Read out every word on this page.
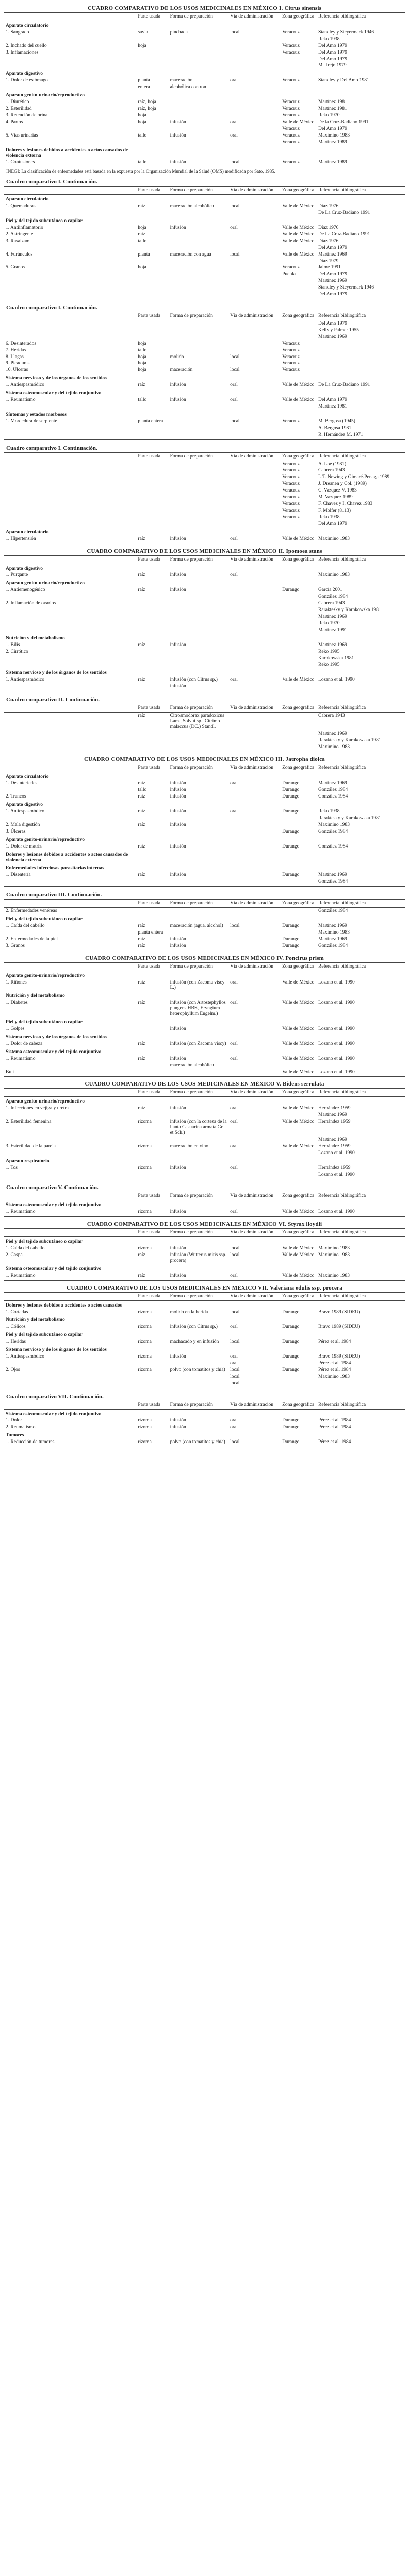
CUADRO COMPARATIVO DE LOS USOS MEDICINALES EN MÉXICO I. Citrus sinensis
	Parte usada	Forma de preparación	Vía de administración	Zona geográfica	Referencia bibliográfica
Aparato circulatorio					
1. Sangrado	savia	pinchada	local	Veracruz	Standley y Steyermark 1946
					Reko 1938
2. Inchado del cuello	hoja			Veracruz	Del Amo 1979
3. Inflamaciones				Veracruz	Del Amo 1979
					Del Amo 1979
					M. Trejo 1979
Aparato digestivo					
1. Dolor de estómago	planta	maceración	oral	Veracruz	Standley y Del Amo 1981
	entera	alcohólica con ron			
Aparato genito-urinario/reproductivo					
1. Diurético	raíz, hoja			Veracruz	Martínez 1981
2. Esterilidad	raíz, hoja			Veracruz	Martínez 1981
3. Retención de orina	hoja			Veracruz	Reko 1970
4. Partos	hoja	infusión	oral	Valle de México	De la Cruz-Badiano 1991
				Veracruz	Del Amo 1979
5. Vías urinarias	tallo	infusión	oral	Veracruz	Maximino 1983
				Veracruz	Martínez 1989
Dolores y lesiones debidos a accidentes o actos causados de violencia externa					
1. Contusiones	tallo	infusión	local	Veracruz	Martínez 1989
INEGI: La clasificación de enfermedades está basada en la expuesta por la Organización Mundial de la Salud (OMS) modificada por Sato, 1985.
Cuadro comparativo I. Continuación.
	Parte usada	Forma de preparación	Vía de administración	Zona geográfica	Referencia bibliográfica
Aparato circulatorio					
1. Quemaduras	raíz	maceración alcohólica	local	Valle de México	Díaz 1976
					De La Cruz-Badiano 1991
Piel y del tejido subcutáneo o capilar					
1. Antiinflamatorio	hoja	infusión	oral	Valle de México	Díaz 1976
2. Astringente	raíz			Valle de México	De La Cruz-Badiano 1991
3. Rasalzam	tallo			Valle de México	Díaz 1976
					Del Amo 1979
4. Furúnculos	planta	maceración con agua	local	Valle de México	Martínez 1969
					Díaz 1979
5. Granos	hoja			Veracruz	Jaime 1991
				Puebla	Del Amo 1979
					Martínez 1969
					Standley y Steyermark 1946
					Del Amo 1979
Cuadro comparativo I. Continuación.
	Parte usada	Forma de preparación	Vía de administración	Zona geográfica	Referencia bibliográfica
					Del Amo 1979
					Kelly y Palmer 1955
					Martínez 1969
6. Desinterados	hoja			Veracruz	
7. Heridas	tallo			Veracruz	
8. Llagas	hoja	molido	local	Veracruz	
9. Picaduras	hoja			Veracruz	
10. Úlceras	hoja	maceración	local	Veracruz	
Sistema nervioso y de los órganos de los sentidos					
1. Antiespasmódico	raíz	infusión	oral	Valle de México	De La Cruz-Badiano 1991
Sistema osteomuscular y del tejido conjuntivo					
1. Reumatismo	tallo	infusión	oral	Valle de México	Del Amo 1979
					Martínez 1981
Síntomas y estados morbosos					
1. Mordedura de serpiente	planta entera		local	Veracruz	M. Bergosa (1945)
					A. Bergosa 1981
					R. Hernández M. 1971
Cuadro comparativo I. Continuación.
	Parte usada	Forma de preparación	Vía de administración	Zona geográfica	Referencia bibliográfica
				Veracruz	A. Loe (1981)
				Veracruz	Cabrera 1943
				Veracruz	L.T. Newing y Gimaré-Penaga 1989
				Veracruz	J. Dreanen y Col. (1989)
				Veracruz	C. Vazquez V. 1983
				Veracruz	M. Vazquez 1989
				Veracruz	F. Chavez y I. Chavez 1983
				Veracruz	F. Molfer (8113)
				Veracruz	Reko 1938
					Del Amo 1979
Aparato circulatorio					
1. Hipertensión	raíz	infusión	oral	Valle de México	Maximino 1983
CUADRO COMPARATIVO DE LOS USOS MEDICINALES EN MÉXICO II. Ipomoea stans
	Parte usada	Forma de preparación	Vía de administración	Zona geográfica	Referencia bibliográfica
Aparato digestivo					
1. Purgante	raíz	infusión	oral		Maximino 1983
Aparato genito-urinario/reproductivo					
1. Antiemenogénico	raíz	infusión		Durango	García 2001
					González 1984
2. Inflamación de ovarios					Cabrera 1943
					Raraktesky y Karnkowska 1981
					Martínez 1969
					Reko 1970
					Martínez 1991
Nutrición y del metabolismo					
1. Bilis	raíz	infusión			Martínez 1969
2. Cirrótico					Reko 1995
					Karnkowska 1981
					Reko 1995
Sistema nervioso y de los órganos de los sentidos					
1. Antiespasmódico	raíz	infusión (con Citrus sp.)	oral	Valle de México	Lozano et al. 1990
		infusión			
Cuadro comparativo II. Continuación.
	Parte usada	Forma de preparación	Vía de administración	Zona geográfica	Referencia bibliográfica
	raíz	Citrosmodorax paradoxicus Lam., Solvui sp., Citrimo malaccus (DC.) Standl.			Cabrera 1943
					Martínez 1969
					Raraktesky y Karnkowska 1981
					Maximino 1983
CUADRO COMPARATIVO DE LOS USOS MEDICINALES EN MÉXICO III. Jatropha dioica
	Parte usada	Forma de preparación	Vía de administración	Zona geográfica	Referencia bibliográfica
Aparato circulatorio					
1. Desinteriedes	raíz	infusión	oral	Durango	Martínez 1969
	tallo	infusión		Durango	González 1984
2. Trancos	raíz	infusión		Durango	González 1984
Aparato digestivo					
1. Antiespasmódico	raíz	infusión	oral	Durango	Reko 1938
					Raraktesky y Karnkowska 1981
2. Mala digestión	raíz	infusión			Maximino 1983
3. Úlceras				Durango	González 1984
Aparato genito-urinario/reproductivo					
1. Dolor de matriz	raíz	infusión		Durango	González 1984
Dolores y lesiones debidos a accidentes o actos causados de violencia externa					
Enfermedades infecciosas parasitarias internas					
1. Disentería	raíz	infusión		Durango	Martínez 1969
					González 1984
Cuadro comparativo III. Continuación.
	Parte usada	Forma de preparación	Vía de administración	Zona geográfica	Referencia bibliográfica
2. Enfermedades venéreas					González 1984
Piel y del tejido subcutáneo o capilar					
1. Caída del cabello	raíz	maceración (agua, alcohol)	local	Durango	Martínez 1969
	planta entera				Maximino 1983
2. Enfermedades de la piel	raíz	infusión		Durango	Martínez 1969
3. Granos	raíz	infusión		Durango	González 1984
CUADRO COMPARATIVO DE LOS USOS MEDICINALES EN MÉXICO IV. Poncirus prism
	Parte usada	Forma de preparación	Vía de administración	Zona geográfica	Referencia bibliográfica
Aparato genito-urinario/reproductivo					
1. Riñones	raíz	infusión (con Zacoma viscy L.)	oral	Valle de México	Lozano et al. 1990
Nutrición y del metabolismo					
1. Diabetes	raíz	infusión (con Artostephyllos pungens HBK, Eryngium heterophyllum Engelm.)	oral	Valle de México	Lozano et al. 1990
Piel y del tejido subcutáneo o capilar					
1. Golpes		infusión		Valle de México	Lozano et al. 1990
Sistema nervioso y de los órganos de los sentidos					
1. Dolor de cabeza	raíz	infusión (con Zacoma viscy)	oral	Valle de México	Lozano et al. 1990
Sistema osteomuscular y del tejido conjuntivo					
1. Reumatismo	raíz	infusión	oral	Valle de México	Lozano et al. 1990
		maceración alcohólica			
Bult				Valle de México	Lozano et al. 1990
CUADRO COMPARATIVO DE LOS USOS MEDICINALES EN MÉXICO V. Bidens serrulata
	Parte usada	Forma de preparación	Vía de administración	Zona geográfica	Referencia bibliográfica
Aparato genito-urinario/reproductivo					
1. Infecciones en vejiga y uretra	raíz	infusión	oral	Valle de México	Hernández 1959
					Martínez 1969
2. Esterilidad femenina	rizoma	infusión (con la corteza de la llanta Casuarina armata Gr. et Sch.)	oral	Valle de México	Hernández 1959
					Martínez 1969
3. Esterilidad de la pareja	rizoma	maceración en vino	oral	Valle de México	Hernández 1959
					Lozano et al. 1990
Aparato respiratorio					
1. Tos	rizoma	infusión	oral		Hernández 1959
					Lozano et al. 1990
Cuadro comparativo V. Continuación.
	Parte usada	Forma de preparación	Vía de administración	Zona geográfica	Referencia bibliográfica
Sistema osteomuscular y del tejido conjuntivo					
1. Reumatismo	rizoma	infusión	oral	Valle de México	Lozano et al. 1990
CUADRO COMPARATIVO DE LOS USOS MEDICINALES EN MÉXICO VI. Styrax lloydii
	Parte usada	Forma de preparación	Vía de administración	Zona geográfica	Referencia bibliográfica
Piel y del tejido subcutáneo o capilar					
1. Caída del cabello	rizoma	infusión	local	Valle de México	Maximino 1983
2. Caspa	raíz	infusión (Wutterus mitis ssp. procera)	local	Valle de México	Maximino 1983
Sistema osteomuscular y del tejido conjuntivo					
1. Reumatismo	raíz	infusión	oral	Valle de México	Maximino 1983
CUADRO COMPARATIVO DE LOS USOS MEDICINALES EN MÉXICO VII. Valeriana edulis ssp. procera
	Parte usada	Forma de preparación	Vía de administración	Zona geográfica	Referencia bibliográfica
Dolores y lesiones debidos a accidentes o actos causados					
1. Cortadas	rizoma	molido en la herida	local	Durango	Bravo 1989 (SIDEU)
Nutrición y del metabolismo					
1. Cólicos	rizoma	infusión (con Citrus sp.)	oral	Durango	Bravo 1989 (SIDEU)
Piel y del tejido subcutáneo o capilar					
1. Heridas	rizoma	machacado y en infusión	local	Durango	Pérez et al. 1984
Sistema nervioso y de los órganos de los sentidos					
1. Antiespasmódico	rizoma	infusión	oral	Durango	Bravo 1989 (SIDEU)
			oral		Pérez et al. 1984
2. Ojos	rizoma	polvo (con tomatitos y chía)	local	Durango	Pérez et al. 1984
			local		Maximino 1983
			local		
Cuadro comparativo VII. Continuación.
	Parte usada	Forma de preparación	Vía de administración	Zona geográfica	Referencia bibliográfica
Sistema osteomuscular y del tejido conjuntivo					
1. Dolor	rizoma	infusión	oral	Durango	Pérez et al. 1984
2. Reumatismo	rizoma	infusión	oral	Durango	Pérez et al. 1984
Tumores					
1. Reducción de tumores	rizoma	polvo (con tomatitos y chía)	local	Durango	Pérez et al. 1984
